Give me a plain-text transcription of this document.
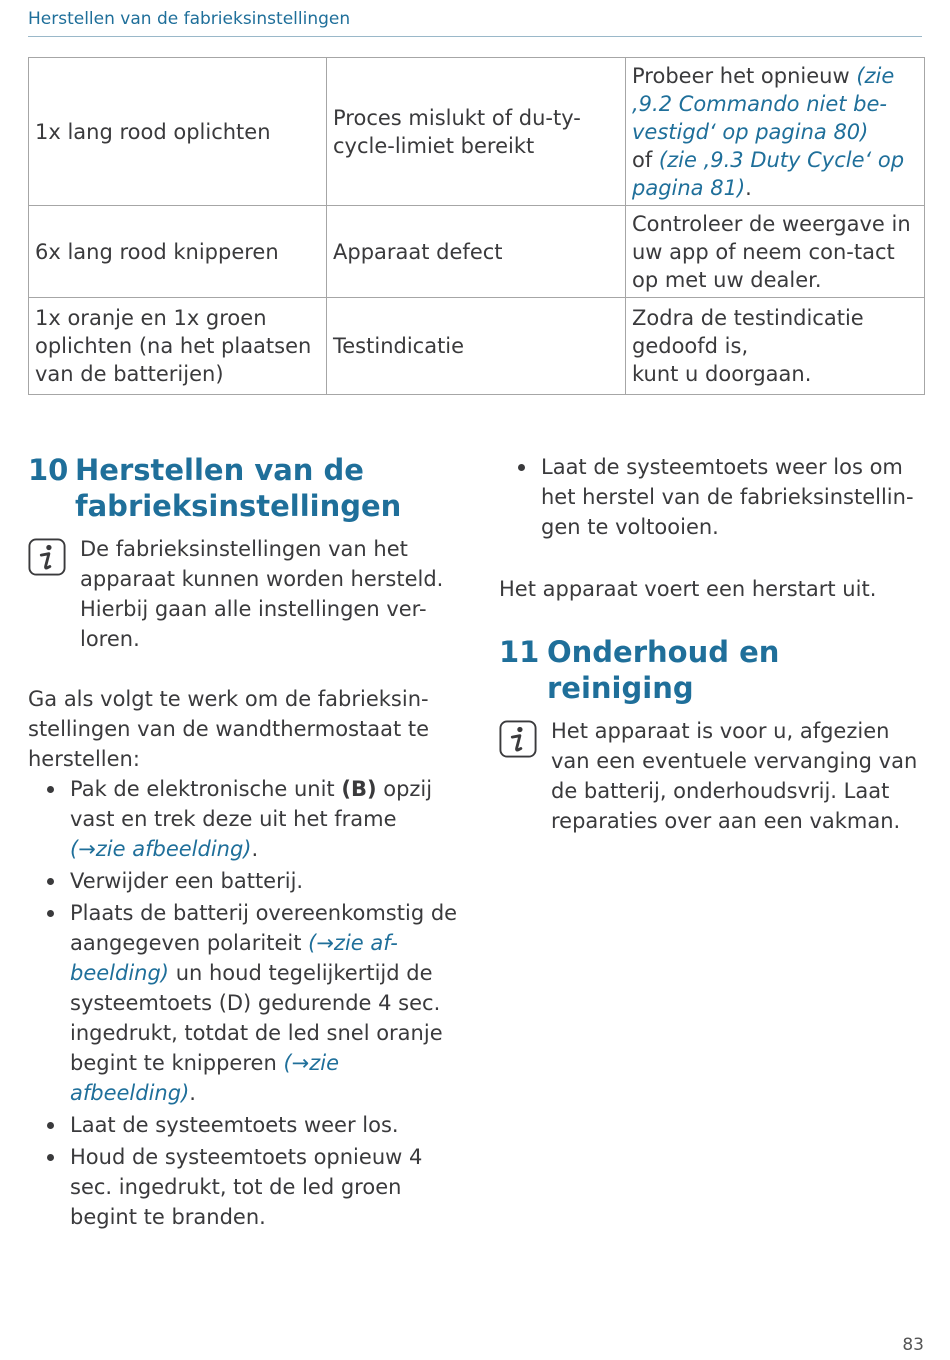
Herstellen van de fabrieksinstellingen
1x lang rood oplichten	Proces mislukt of du-ty-cycle-limiet bereikt	Probeer het opnieuw (zie ‚9.2 Commando niet be-vestigd‘ op pagina 80)
of (zie ‚9.3 Duty Cycle‘ op pagina 81).
6x lang rood knipperen	Apparaat defect	Controleer de weergave in uw app of neem con-tact op met uw dealer.
1x oranje en 1x groen oplichten (na het plaatsen van de batterijen)	Testindicatie	Zodra de testindicatie gedoofd is,
kunt u doorgaan.
10 Herstellen van de fabrieksinstellingen
De fabrieksinstellingen van het apparaat kunnen worden hersteld. Hierbij gaan alle instellingen ver-loren.

Ga als volgt te werk om de fabrieksin-stellingen van de wandthermostaat te herstellen:

Pak de elektronische unit (B) opzij vast en trek deze uit het frame (→zie afbeelding).
Verwijder een batterij.
Plaats de batterij overeenkomstig de aangegeven polariteit (→zie af-beelding) un houd tegelijkertijd de systeemtoets (D) gedurende 4 sec. ingedrukt, totdat de led snel oranje begint te knipperen (→zie afbeelding).
Laat de systeemtoets weer los.
Houd de systeemtoets opnieuw 4 sec. ingedrukt, tot de led groen begint te branden.
Laat de systeemtoets weer los om het herstel van de fabrieksinstellin-gen te voltooien.

Het apparaat voert een herstart uit.

11 Onderhoud en reiniging
Het apparaat is voor u, afgezien van een eventuele vervanging van de batterij, onderhoudsvrij. Laat reparaties over aan een vakman.
83
